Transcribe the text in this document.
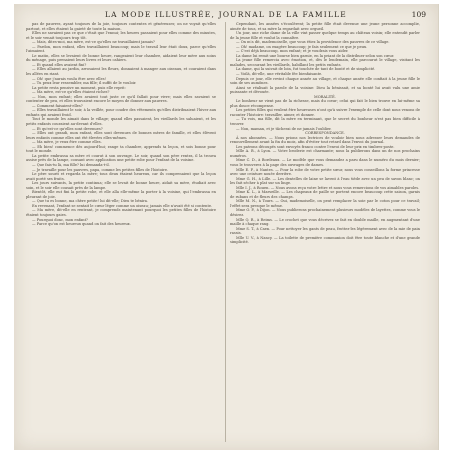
LA MODE ILLUSTRÉE, JOURNAL DE LA FAMILLE	109

pas de pauvres, ayant toujours de la joie, toujours contentes et généreuses; on ne voyait qu'elles partout, et elles étaient la gaieté de toute la maison.

Elles ne savaient pas ce que c'était que l'ennui; les heures passaient pour elles comme des minutes, et le soir venait toujours trop tôt.

— Mais, dites-moi, ma mère, est-ce qu'elles ne travaillaient jamais?

— Pardon, mon enfant, elles travaillaient beaucoup; mais le travail leur était doux, parce qu'elles l'aimaient.

Le matin, elles se levaient de bonne heure, rangeaient leur chambre, aidaient leur mère aux soins du ménage, puis prenaient leurs livres et leurs cahiers.

— Et quand elles avaient fini?

— Elles allaient au jardin, arrosaient les fleurs, donnaient à manger aux oiseaux, et couraient dans les allées en riant.

— Oh! que j'aurais voulu être avec elles!

— Tu peux leur ressembler, ma fille; il suffit de le vouloir.

La petite resta pensive un moment, puis elle reprit:

— Ma mère, est-ce qu'elles étaient riches?

— Non, mon enfant; elles avaient tout juste ce qu'il fallait pour vivre; mais elles savaient se contenter de peu, et elles trouvaient encore le moyen de donner aux pauvres.

— Comment faisaient-elles?

— Elles travaillaient le soir, à la veillée, pour coudre des vêtements qu'elles distribuaient l'hiver aux enfants qui avaient froid.

Tout le monde les aimait dans le village; quand elles passaient, les vieillards les saluaient, et les petits enfants couraient au-devant d'elles.

— Et qu'est-ce qu'elles sont devenues?

— Elles ont grandi, mon enfant, elles sont devenues de bonnes mères de famille, et elles élèvent leurs enfants comme elles ont été élevées elles-mêmes.

— Ma mère, je veux être comme elles.

— Eh bien! commence dès aujourd'hui; range ta chambre, apprends ta leçon, et sois bonne pour tout le monde.

La petite embrassa sa mère et courut à son ouvrage. Le soir, quand son père rentra, il la trouva assise près de la lampe, cousant avec application une petite robe pour l'enfant de la voisine.

— Que fais-tu là, ma fille? lui demanda-t-il.

— Je travaille pour les pauvres, papa, comme les petites filles de l'histoire.

Le père sourit et regarda la mère; tous deux étaient heureux, car ils comprenaient que la leçon avait porté ses fruits.

Les jours suivants, la petite continua; elle se levait de bonne heure, aidait sa mère, étudiait avec soin, et le soir elle cousait près de la lampe.

Bientôt, elle eut fini la petite robe, et elle alla elle-même la porter à la voisine, qui l'embrassa en pleurant de joie.

— Que tu es bonne, ma chère petite! lui dit-elle; Dieu te bénira.

En revenant, l'enfant se sentait le cœur léger comme un oiseau; jamais elle n'avait été si contente.

— Ma mère, dit-elle en rentrant, je comprends maintenant pourquoi les petites filles de l'histoire étaient toujours gaies.

— Pourquoi donc, mon enfant?

— Parce qu'on est heureux quand on fait des heureux.

Cependant, les années s'écoulèrent; la petite fille était devenue une jeune personne accomplie, aimée de tous, et sa mère la regardait avec orgueil.

Un jour, une riche dame de la ville vint passer quelque temps au château voisin; elle entendit parler de la jeune fille et voulut la connaître.

— On m'a dit, mademoiselle, que vous étiez la providence des pauvres de ce village.

— Oh! madame, on exagère beaucoup; je fais seulement ce que je peux.

— C'est déjà beaucoup, mon enfant; et je voudrais vous aider.

La dame lui remit une bourse bien garnie, en la priant de la distribuer selon son cœur.

La jeune fille remercia avec émotion, et, dès le lendemain, elle parcourut le village, visitant les malades, secourant les vieillards, habillant les petits enfants.

La dame, qui la suivait de loin, fut touchée de tant de bonté et de simplicité.

— Voilà, dit-elle, une véritable fée bienfaisante.

Depuis ce jour, elle revint chaque année au village, et chaque année elle confiait à la jeune fille le soin de ses aumônes.

Ainsi se réalisait la parole de la voisine: Dieu la bénissait, et sa bonté lui avait valu une amie puissante et dévouée.

MORALITÉ.

Le bonheur ne vient pas de la richesse, mais du cœur; celui qui fait le bien trouve en lui-même sa plus douce récompense.

Les petites filles qui veulent être heureuses n'ont qu'à suivre l'exemple de celle dont nous venons de raconter l'histoire: travailler, aimer, et donner.

— Tu vois, ma fille, dit la mère en terminant, que le secret du bonheur n'est pas bien difficile à trouver.

— Non, maman, et je tâcherai de ne jamais l'oublier.

CORRESPONDANCE.

À nos abonnées. — Nous prions nos lectrices de vouloir bien nous adresser leurs demandes de renouvellement avant la fin du mois, afin d'éviter tout retard dans l'envoi du journal.

Les patrons découpés sont envoyés franco contre l'envoi de leur prix en timbres-poste.

Mlle A. B., à Lyon. — Votre broderie est charmante; nous la publierons dans un de nos prochains numéros.

Mme C. D., à Bordeaux. — Le modèle que vous demandez a paru dans le numéro du mois dernier; vous le trouverez à la page des ouvrages de dames.

Mlle E. F., à Nantes. — Pour la robe de votre petite sœur, nous vous conseillons la forme princesse avec une ceinture nouée derrière.

Mme G. H., à Lille. — Les dentelles de laine se lavent à l'eau tiède avec un peu de savon blanc; on les fait sécher à plat sur un linge.

Mlle I. J., à Rouen. — Nous avons reçu votre lettre et nous vous remercions de vos aimables paroles.

Mme K. L., à Marseille. — Les chapeaux de paille se portent encore beaucoup cette saison, garnis de rubans et de fleurs des champs.

Mlle M. N., à Tours. — Oui, mademoiselle, on peut remplacer la soie par le coton pour ce travail; l'effet sera presque le même.

Mme O. P., à Dijon. — Nous publierons prochainement plusieurs modèles de layettes, comme vous le désirez.

Mlle Q. R., à Reims. — Le crochet que vous décrivez se fait en double maille, en augmentant d'une maille à chaque rang.

Mme S. T., à Caen. — Pour nettoyer les gants de peau, frottez-les légèrement avec de la mie de pain rassis.

Mlle U. V., à Nancy. — La toilette de première communion doit être toute blanche et d'une grande simplicité.
